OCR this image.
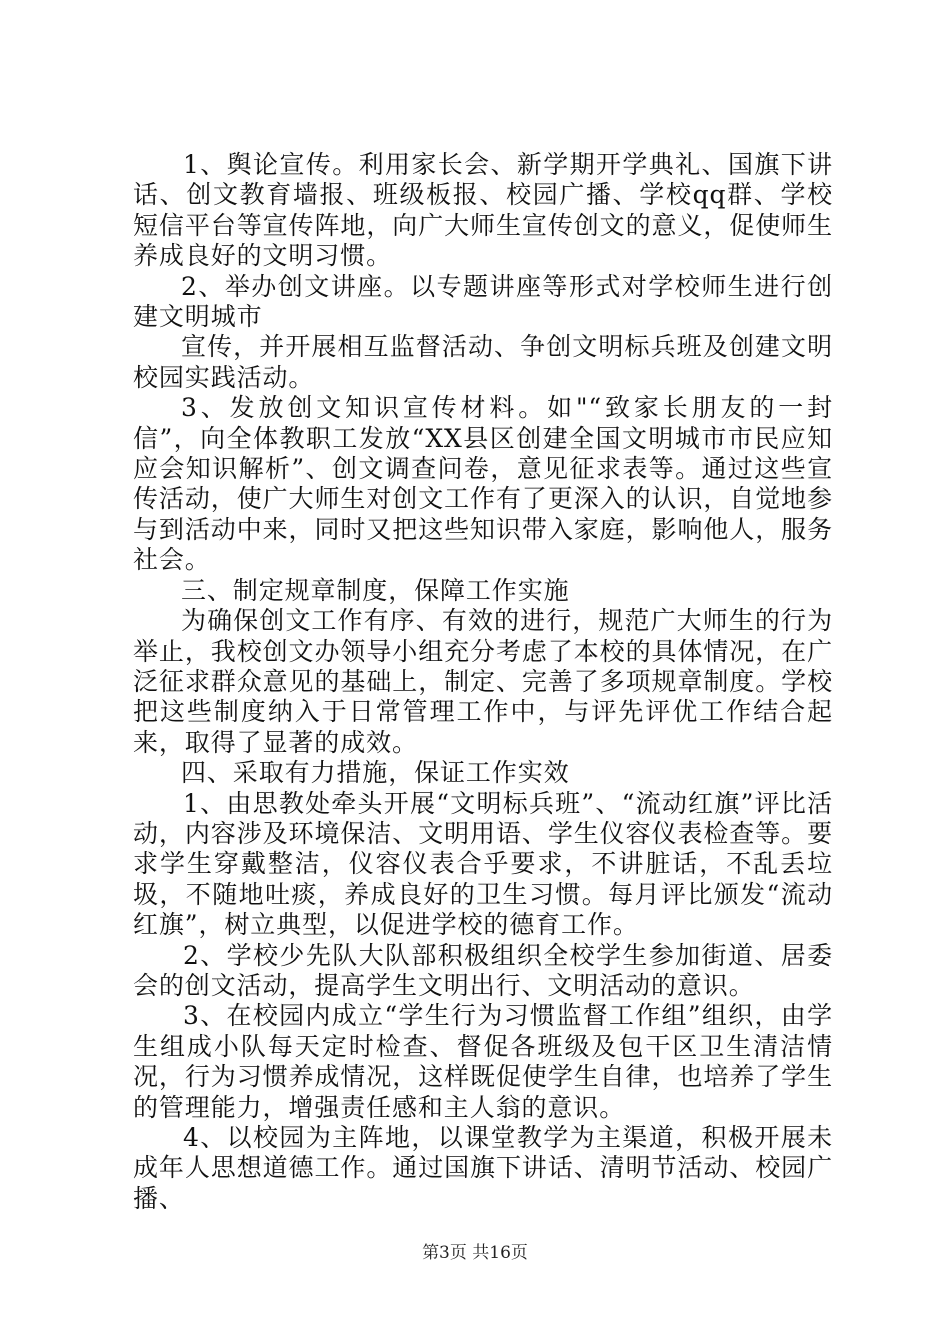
1、舆论宣传。利用家长会、新学期开学典礼、国旗下讲话、创文教育墙报、班级板报、校园广播、学校qq群、学校短信平台等宣传阵地，向广大师生宣传创文的意义，促使师生养成良好的文明习惯。

2、举办创文讲座。以专题讲座等形式对学校师生进行创建文明城市

宣传，并开展相互监督活动、争创文明标兵班及创建文明校园实践活动。

3、发放创文知识宣传材料。如"“致家长朋友的一封信”，向全体教职工发放“XX县区创建全国文明城市市民应知应会知识解析”、创文调查问卷，意见征求表等。通过这些宣传活动，使广大师生对创文工作有了更深入的认识，自觉地参与到活动中来，同时又把这些知识带入家庭，影响他人，服务社会。

三、制定规章制度，保障工作实施

为确保创文工作有序、有效的进行，规范广大师生的行为举止，我校创文办领导小组充分考虑了本校的具体情况，在广泛征求群众意见的基础上，制定、完善了多项规章制度。学校把这些制度纳入于日常管理工作中，与评先评优工作结合起来，取得了显著的成效。

四、采取有力措施，保证工作实效

1、由思教处牵头开展“文明标兵班”、“流动红旗”评比活动，内容涉及环境保洁、文明用语、学生仪容仪表检查等。要求学生穿戴整洁，仪容仪表合乎要求，不讲脏话，不乱丢垃圾，不随地吐痰，养成良好的卫生习惯。每月评比颁发“流动红旗”，树立典型，以促进学校的德育工作。

2、学校少先队大队部积极组织全校学生参加街道、居委会的创文活动，提高学生文明出行、文明活动的意识。

3、在校园内成立“学生行为习惯监督工作组”组织，由学生组成小队每天定时检查、督促各班级及包干区卫生清洁情况，行为习惯养成情况，这样既促使学生自律，也培养了学生的管理能力，增强责任感和主人翁的意识。

4、以校园为主阵地，以课堂教学为主渠道，积极开展未成年人思想道德工作。通过国旗下讲话、清明节活动、校园广播、

第3页 共16页
